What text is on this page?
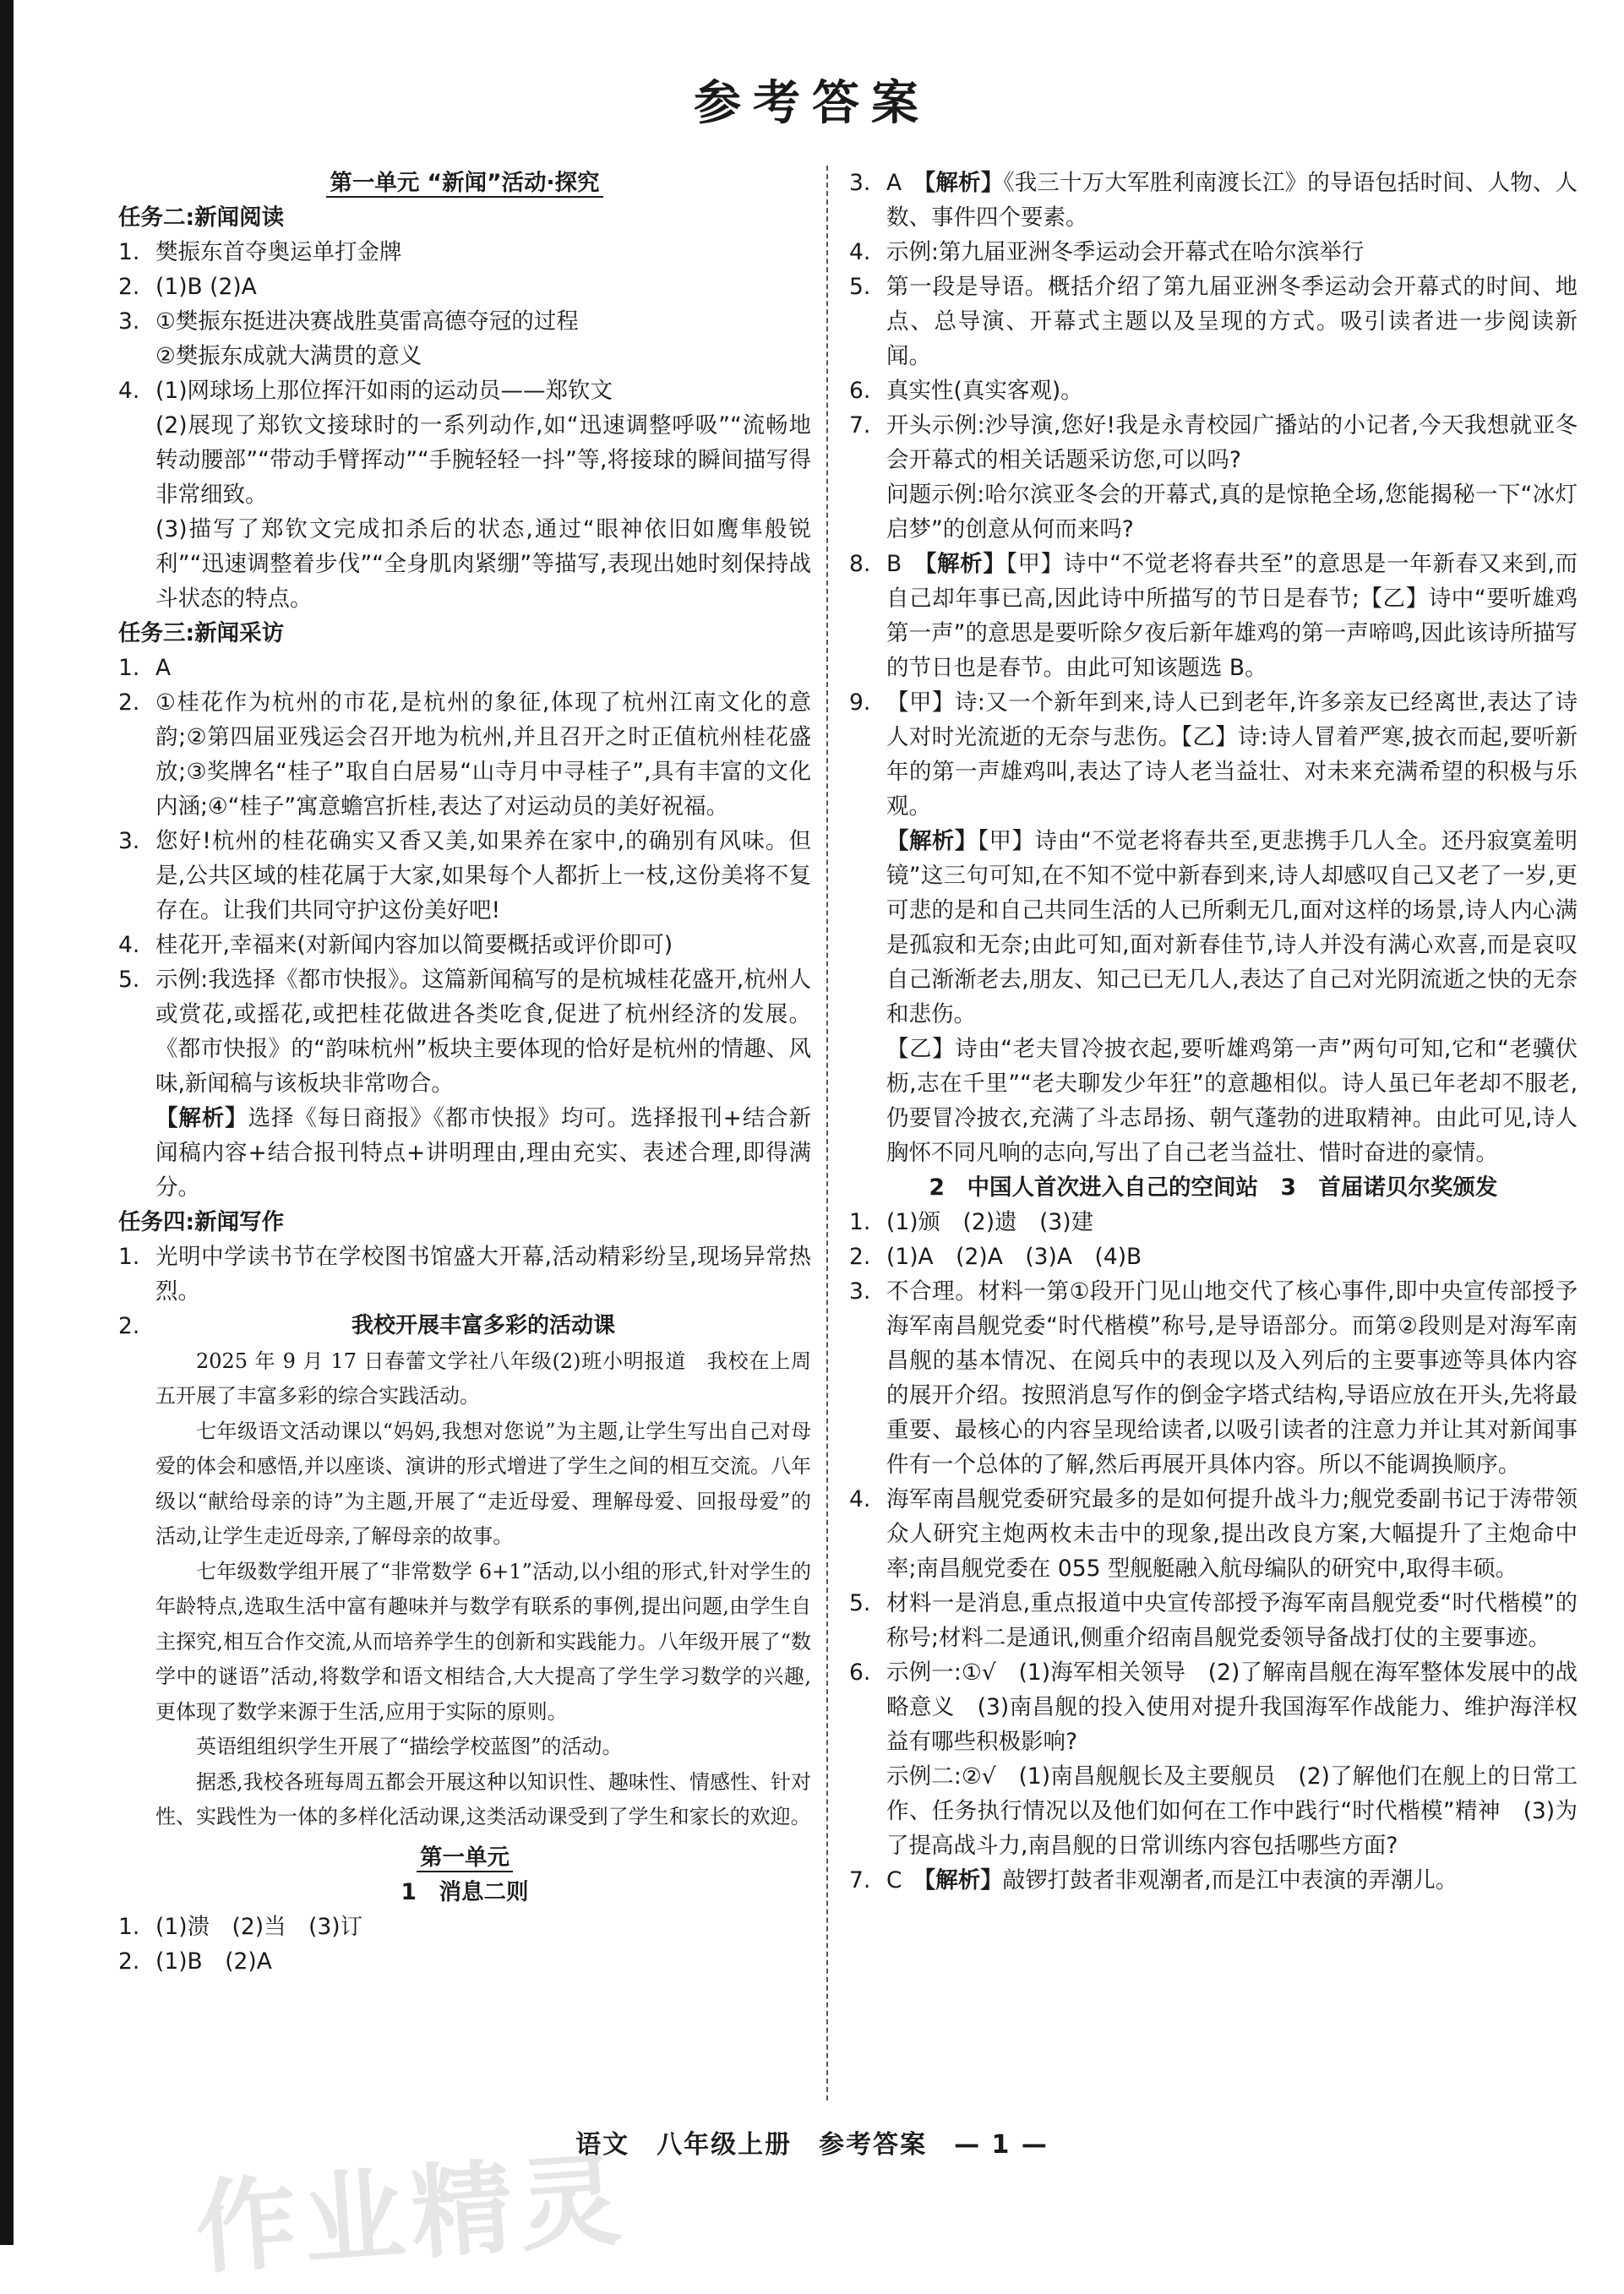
参考答案
第一单元 “新闻”活动·探究
任务二:新闻阅读
1. 樊振东首夺奥运单打金牌
2. (1)B (2)A
3. ①樊振东挺进决赛战胜莫雷高德夺冠的过程
②樊振东成就大满贯的意义
4. (1)网球场上那位挥汗如雨的运动员——郑钦文
(2)展现了郑钦文接球时的一系列动作,如“迅速调整呼吸”“流畅地转动腰部”“带动手臂挥动”“手腕轻轻一抖”等,将接球的瞬间描写得非常细致。
(3)描写了郑钦文完成扣杀后的状态,通过“眼神依旧如鹰隼般锐利”“迅速调整着步伐”“全身肌肉紧绷”等描写,表现出她时刻保持战斗状态的特点。
任务三:新闻采访
1. A
2. ①桂花作为杭州的市花,是杭州的象征,体现了杭州江南文化的意韵;②第四届亚残运会召开地为杭州,并且召开之时正值杭州桂花盛放;③奖牌名“桂子”取自白居易“山寺月中寻桂子”,具有丰富的文化内涵;④“桂子”寓意蟾宫折桂,表达了对运动员的美好祝福。
3. 您好!杭州的桂花确实又香又美,如果养在家中,的确别有风味。但是,公共区域的桂花属于大家,如果每个人都折上一枝,这份美将不复存在。让我们共同守护这份美好吧!
4. 桂花开,幸福来(对新闻内容加以简要概括或评价即可)
5. 示例:我选择《都市快报》。这篇新闻稿写的是杭城桂花盛开,杭州人或赏花,或摇花,或把桂花做进各类吃食,促进了杭州经济的发展。《都市快报》的“韵味杭州”板块主要体现的恰好是杭州的情趣、风味,新闻稿与该板块非常吻合。
【解析】选择《每日商报》《都市快报》均可。选择报刊+结合新闻稿内容+结合报刊特点+讲明理由,理由充实、表述合理,即得满分。
任务四:新闻写作
1. 光明中学读书节在学校图书馆盛大开幕,活动精彩纷呈,现场异常热烈。
2.	我校开展丰富多彩的活动课

2025 年 9 月 17 日春蕾文学社八年级(2)班小明报道　我校在上周五开展了丰富多彩的综合实践活动。

七年级语文活动课以“妈妈,我想对您说”为主题,让学生写出自己对母爱的体会和感悟,并以座谈、演讲的形式增进了学生之间的相互交流。八年级以“献给母亲的诗”为主题,开展了“走近母爱、理解母爱、回报母爱”的活动,让学生走近母亲,了解母亲的故事。

七年级数学组开展了“非常数学 6+1”活动,以小组的形式,针对学生的年龄特点,选取生活中富有趣味并与数学有联系的事例,提出问题,由学生自主探究,相互合作交流,从而培养学生的创新和实践能力。八年级开展了“数学中的谜语”活动,将数学和语文相结合,大大提高了学生学习数学的兴趣,更体现了数学来源于生活,应用于实际的原则。

英语组组织学生开展了“描绘学校蓝图”的活动。

据悉,我校各班每周五都会开展这种以知识性、趣味性、情感性、针对性、实践性为一体的多样化活动课,这类活动课受到了学生和家长的欢迎。

第一单元
1　消息二则
1. (1)溃　(2)当　(3)订
2. (1)B　(2)A
3. A　 【解析】《我三十万大军胜利南渡长江》的导语包括时间、人物、人数、事件四个要素。
4. 示例:第九届亚洲冬季运动会开幕式在哈尔滨举行
5. 第一段是导语。概括介绍了第九届亚洲冬季运动会开幕式的时间、地点、总导演、开幕式主题以及呈现的方式。吸引读者进一步阅读新闻。
6. 真实性(真实客观)。
7. 开头示例:沙导演,您好!我是永青校园广播站的小记者,今天我想就亚冬会开幕式的相关话题采访您,可以吗?
问题示例:哈尔滨亚冬会的开幕式,真的是惊艳全场,您能揭秘一下“冰灯启梦”的创意从何而来吗?
8. B　 【解析】【甲】诗中“不觉老将春共至”的意思是一年新春又来到,而自己却年事已高,因此诗中所描写的节日是春节;【乙】诗中“要听雄鸡第一声”的意思是要听除夕夜后新年雄鸡的第一声啼鸣,因此该诗所描写的节日也是春节。由此可知该题选 B。
9. 【甲】诗:又一个新年到来,诗人已到老年,许多亲友已经离世,表达了诗人对时光流逝的无奈与悲伤。【乙】诗:诗人冒着严寒,披衣而起,要听新年的第一声雄鸡叫,表达了诗人老当益壮、对未来充满希望的积极与乐观。
【解析】【甲】诗由“不觉老将春共至,更悲携手几人全。还丹寂寞羞明镜”这三句可知,在不知不觉中新春到来,诗人却感叹自己又老了一岁,更可悲的是和自己共同生活的人已所剩无几,面对这样的场景,诗人内心满是孤寂和无奈;由此可知,面对新春佳节,诗人并没有满心欢喜,而是哀叹自己渐渐老去,朋友、知己已无几人,表达了自己对光阴流逝之快的无奈和悲伤。
【乙】诗由“老夫冒冷披衣起,要听雄鸡第一声”两句可知,它和“老骥伏枥,志在千里”“老夫聊发少年狂”的意趣相似。诗人虽已年老却不服老,仍要冒冷披衣,充满了斗志昂扬、朝气蓬勃的进取精神。由此可见,诗人胸怀不同凡响的志向,写出了自己老当益壮、惜时奋进的豪情。
2　中国人首次进入自己的空间站　3　首届诺贝尔奖颁发
1. (1)颁　(2)遗　(3)建
2. (1)A　(2)A　(3)A　(4)B
3. 不合理。材料一第①段开门见山地交代了核心事件,即中央宣传部授予海军南昌舰党委“时代楷模”称号,是导语部分。而第②段则是对海军南昌舰的基本情况、在阅兵中的表现以及入列后的主要事迹等具体内容的展开介绍。按照消息写作的倒金字塔式结构,导语应放在开头,先将最重要、最核心的内容呈现给读者,以吸引读者的注意力并让其对新闻事件有一个总体的了解,然后再展开具体内容。所以不能调换顺序。
4. 海军南昌舰党委研究最多的是如何提升战斗力;舰党委副书记于涛带领众人研究主炮两枚未击中的现象,提出改良方案,大幅提升了主炮命中率;南昌舰党委在 055 型舰艇融入航母编队的研究中,取得丰硕。
5. 材料一是消息,重点报道中央宣传部授予海军南昌舰党委“时代楷模”的称号;材料二是通讯,侧重介绍南昌舰党委领导备战打仗的主要事迹。
6. 示例一:①√　(1)海军相关领导　(2)了解南昌舰在海军整体发展中的战略意义　(3)南昌舰的投入使用对提升我国海军作战能力、维护海洋权益有哪些积极影响?
示例二:②√　(1)南昌舰舰长及主要舰员　(2)了解他们在舰上的日常工作、任务执行情况以及他们如何在工作中践行“时代楷模”精神　(3)为了提高战斗力,南昌舰的日常训练内容包括哪些方面?
7. C　 【解析】敲锣打鼓者非观潮者,而是江中表演的弄潮儿。
作业精灵
语文　八年级上册　参考答案　— 1 —
